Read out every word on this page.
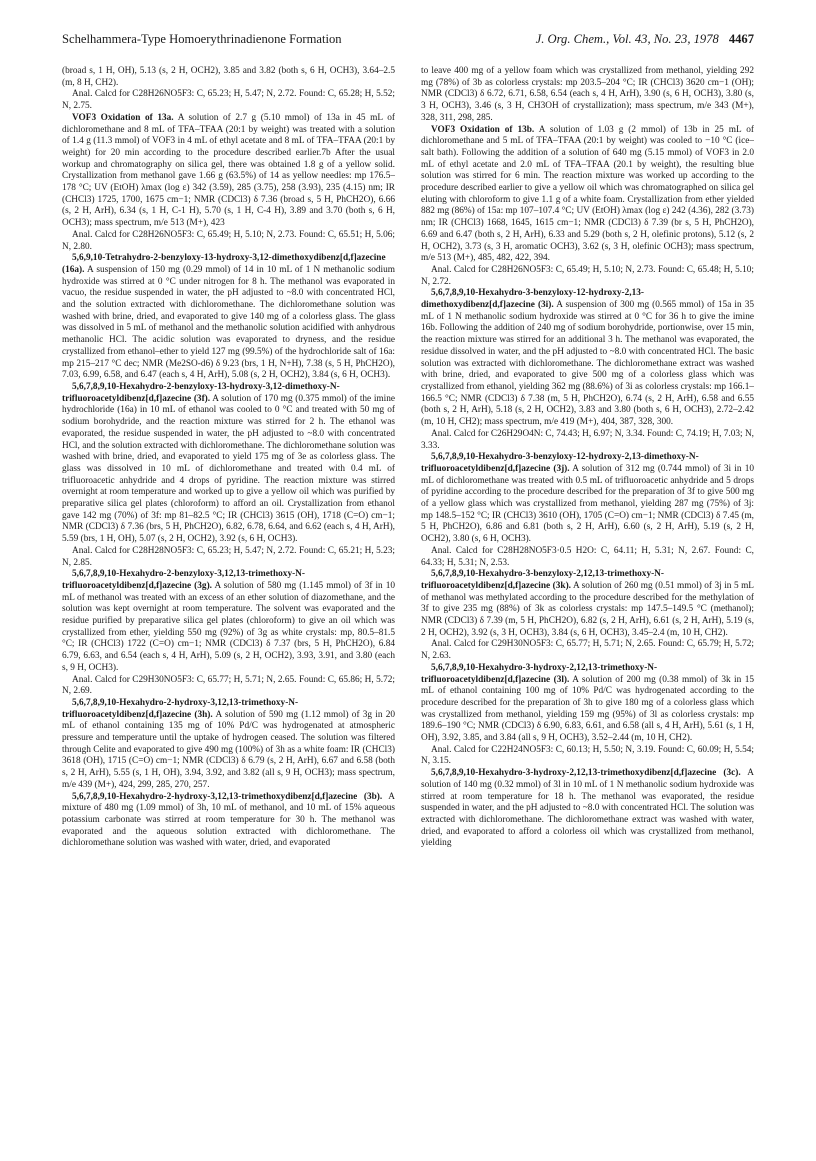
Schelhammera-Type Homoerythrinadienone Formation	J. Org. Chem., Vol. 43, No. 23, 1978 4467

(broad s, 1 H, OH), 5.13 (s, 2 H, OCH2), 3.85 and 3.82 (both s, 6 H, OCH3), 3.64–2.5 (m, 8 H, CH2).

Anal. Calcd for C28H26NO5F3: C, 65.23; H, 5.47; N, 2.72. Found: C, 65.28; H, 5.52; N, 2.75.

VOF3 Oxidation of 13a. A solution of 2.7 g (5.10 mmol) of 13a in 45 mL of dichloromethane and 8 mL of TFA–TFAA (20:1 by weight) was treated with a solution of 1.4 g (11.3 mmol) of VOF3 in 4 mL of ethyl acetate and 8 mL of TFA–TFAA (20:1 by weight) for 20 min according to the procedure described earlier.7b After the usual workup and chromatography on silica gel, there was obtained 1.8 g of a yellow solid. Crystallization from methanol gave 1.66 g (63.5%) of 14 as yellow needles: mp 176.5–178 °C; UV (EtOH) λmax (log ε) 342 (3.59), 285 (3.75), 258 (3.93), 235 (4.15) nm; IR (CHCl3) 1725, 1700, 1675 cm−1; NMR (CDCl3) δ 7.36 (broad s, 5 H, PhCH2O), 6.66 (s, 2 H, ArH), 6.34 (s, 1 H, C-1 H), 5.70 (s, 1 H, C-4 H), 3.89 and 3.70 (both s, 6 H, OCH3); mass spectrum, m/e 513 (M+), 423

Anal. Calcd for C28H26NO5F3: C, 65.49; H, 5.10; N, 2.73. Found: C, 65.51; H, 5.06; N, 2.80.

5,6,9,10-Tetrahydro-2-benzyloxy-13-hydroxy-3,12-dimethoxydibenz[d,f]azecine (16a). A suspension of 150 mg (0.29 mmol) of 14 in 10 mL of 1 N methanolic sodium hydroxide was stirred at 0 °C under nitrogen for 8 h. The methanol was evaporated in vacuo, the residue suspended in water, the pH adjusted to ~8.0 with concentrated HCl, and the solution extracted with dichloromethane. The dichloromethane solution was washed with brine, dried, and evaporated to give 140 mg of a colorless glass. The glass was dissolved in 5 mL of methanol and the methanolic solution acidified with anhydrous methanolic HCl. The acidic solution was evaporated to dryness, and the residue crystallized from ethanol–ether to yield 127 mg (99.5%) of the hydrochloride salt of 16a: mp 215–217 °C dec; NMR (Me2SO-d6) δ 9.23 (brs, 1 H, N+H), 7.38 (s, 5 H, PhCH2O), 7.03, 6.99, 6.58, and 6.47 (each s, 4 H, ArH), 5.08 (s, 2 H, OCH2), 3.84 (s, 6 H, OCH3).

5,6,7,8,9,10-Hexahydro-2-benzyloxy-13-hydroxy-3,12-dimethoxy-N-trifluoroacetyldibenz[d,f]azecine (3f). A solution of 170 mg (0.375 mmol) of the imine hydrochloride (16a) in 10 mL of ethanol was cooled to 0 °C and treated with 50 mg of sodium borohydride, and the reaction mixture was stirred for 2 h. The ethanol was evaporated, the residue suspended in water, the pH adjusted to ~8.0 with concentrated HCl, and the solution extracted with dichloromethane. The dichloromethane solution was washed with brine, dried, and evaporated to yield 175 mg of 3e as colorless glass. The glass was dissolved in 10 mL of dichloromethane and treated with 0.4 mL of trifluoroacetic anhydride and 4 drops of pyridine. The reaction mixture was stirred overnight at room temperature and worked up to give a yellow oil which was purified by preparative silica gel plates (chloroform) to afford an oil. Crystallization from ethanol gave 142 mg (70%) of 3f: mp 81–82.5 °C; IR (CHCl3) 3615 (OH), 1718 (C=O) cm−1; NMR (CDCl3) δ 7.36 (brs, 5 H, PhCH2O), 6.82, 6.78, 6.64, and 6.62 (each s, 4 H, ArH), 5.59 (brs, 1 H, OH), 5.07 (s, 2 H, OCH2), 3.92 (s, 6 H, OCH3).

Anal. Calcd for C28H28NO5F3: C, 65.23; H, 5.47; N, 2.72. Found: C, 65.21; H, 5.23; N, 2.85.

5,6,7,8,9,10-Hexahydro-2-benzyloxy-3,12,13-trimethoxy-N-trifluoroacetyldibenz[d,f]azecine (3g). A solution of 580 mg (1.145 mmol) of 3f in 10 mL of methanol was treated with an excess of an ether solution of diazomethane, and the solution was kept overnight at room temperature. The solvent was evaporated and the residue purified by preparative silica gel plates (chloroform) to give an oil which was crystallized from ether, yielding 550 mg (92%) of 3g as white crystals: mp, 80.5–81.5 °C; IR (CHCl3) 1722 (C=O) cm−1; NMR (CDCl3) δ 7.37 (brs, 5 H, PhCH2O), 6.84 6.79, 6.63, and 6.54 (each s, 4 H, ArH), 5.09 (s, 2 H, OCH2), 3.93, 3.91, and 3.80 (each s, 9 H, OCH3).

Anal. Calcd for C29H30NO5F3: C, 65.77; H, 5.71; N, 2.65. Found: C, 65.86; H, 5.72; N, 2.69.

5,6,7,8,9,10-Hexahydro-2-hydroxy-3,12,13-trimethoxy-N-trifluoroacetyldibenz[d,f]azecine (3h). A solution of 590 mg (1.12 mmol) of 3g in 20 mL of ethanol containing 135 mg of 10% Pd/C was hydrogenated at atmospheric pressure and temperature until the uptake of hydrogen ceased. The solution was filtered through Celite and evaporated to give 490 mg (100%) of 3h as a white foam: IR (CHCl3) 3618 (OH), 1715 (C=O) cm−1; NMR (CDCl3) δ 6.79 (s, 2 H, ArH), 6.67 and 6.58 (both s, 2 H, ArH), 5.55 (s, 1 H, OH), 3.94, 3.92, and 3.82 (all s, 9 H, OCH3); mass spectrum, m/e 439 (M+), 424, 299, 285, 270, 257.

5,6,7,8,9,10-Hexahydro-2-hydroxy-3,12,13-trimethoxydibenz[d,f]azecine (3b). A mixture of 480 mg (1.09 mmol) of 3h, 10 mL of methanol, and 10 mL of 15% aqueous potassium carbonate was stirred at room temperature for 30 h. The methanol was evaporated and the aqueous solution extracted with dichloromethane. The dichloromethane solution was washed with water, dried, and evaporated

to leave 400 mg of a yellow foam which was crystallized from methanol, yielding 292 mg (78%) of 3b as colorless crystals: mp 203.5–204 °C; IR (CHCl3) 3620 cm−1 (OH); NMR (CDCl3) δ 6.72, 6.71, 6.58, 6.54 (each s, 4 H, ArH), 3.90 (s, 6 H, OCH3), 3.80 (s, 3 H, OCH3), 3.46 (s, 3 H, CH3OH of crystallization); mass spectrum, m/e 343 (M+), 328, 311, 298, 285.

VOF3 Oxidation of 13b. A solution of 1.03 g (2 mmol) of 13b in 25 mL of dichloromethane and 5 mL of TFA–TFAA (20:1 by weight) was cooled to −10 °C (ice–salt bath). Following the addition of a solution of 640 mg (5.15 mmol) of VOF3 in 2.0 mL of ethyl acetate and 2.0 mL of TFA–TFAA (20.1 by weight), the resulting blue solution was stirred for 6 min. The reaction mixture was worked up according to the procedure described earlier to give a yellow oil which was chromatographed on silica gel eluting with chloroform to give 1.1 g of a white foam. Crystallization from ether yielded 882 mg (86%) of 15a: mp 107–107.4 °C; UV (EtOH) λmax (log ε) 242 (4.36), 282 (3.73) nm; IR (CHCl3) 1668, 1645, 1615 cm−1; NMR (CDCl3) δ 7.39 (br s, 5 H, PhCH2O), 6.69 and 6.47 (both s, 2 H, ArH), 6.33 and 5.29 (both s, 2 H, olefinic protons), 5.12 (s, 2 H, OCH2), 3.73 (s, 3 H, aromatic OCH3), 3.62 (s, 3 H, olefinic OCH3); mass spectrum, m/e 513 (M+), 485, 482, 422, 394.

Anal. Calcd for C28H26NO5F3: C, 65.49; H, 5.10; N, 2.73. Found: C, 65.48; H, 5.10; N, 2.72.

5,6,7,8,9,10-Hexahydro-3-benzyloxy-12-hydroxy-2,13-dimethoxydibenz[d,f]azecine (3i). A suspension of 300 mg (0.565 mmol) of 15a in 35 mL of 1 N methanolic sodium hydroxide was stirred at 0 °C for 36 h to give the imine 16b. Following the addition of 240 mg of sodium borohydride, portionwise, over 15 min, the reaction mixture was stirred for an additional 3 h. The methanol was evaporated, the residue dissolved in water, and the pH adjusted to ~8.0 with concentrated HCl. The basic solution was extracted with dichloromethane. The dichloromethane extract was washed with brine, dried, and evaporated to give 500 mg of a colorless glass which was crystallized from ethanol, yielding 362 mg (88.6%) of 3i as colorless crystals: mp 166.1–166.5 °C; NMR (CDCl3) δ 7.38 (m, 5 H, PhCH2O), 6.74 (s, 2 H, ArH), 6.58 and 6.55 (both s, 2 H, ArH), 5.18 (s, 2 H, OCH2), 3.83 and 3.80 (both s, 6 H, OCH3), 2.72–2.42 (m, 10 H, CH2); mass spectrum, m/e 419 (M+), 404, 387, 328, 300.

Anal. Calcd for C26H29O4N: C, 74.43; H, 6.97; N, 3.34. Found: C, 74.19; H, 7.03; N, 3.33.

5,6,7,8,9,10-Hexahydro-3-benzyloxy-12-hydroxy-2,13-dimethoxy-N-trifluoroacetyldibenz[d,f]azecine (3j). A solution of 312 mg (0.744 mmol) of 3i in 10 mL of dichloromethane was treated with 0.5 mL of trifluoroacetic anhydride and 5 drops of pyridine according to the procedure described for the preparation of 3f to give 500 mg of a yellow glass which was crystallized from methanol, yielding 287 mg (75%) of 3j: mp 148.5–152 °C; IR (CHCl3) 3610 (OH), 1705 (C=O) cm−1; NMR (CDCl3) δ 7.45 (m, 5 H, PhCH2O), 6.86 and 6.81 (both s, 2 H, ArH), 6.60 (s, 2 H, ArH), 5.19 (s, 2 H, OCH2), 3.80 (s, 6 H, OCH3).

Anal. Calcd for C28H28NO5F3·0.5 H2O: C, 64.11; H, 5.31; N, 2.67. Found: C, 64.33; H, 5.31; N, 2.53.

5,6,7,8,9,10-Hexahydro-3-benzyloxy-2,12,13-trimethoxy-N-trifluoroacetyldibenz[d,f]azecine (3k). A solution of 260 mg (0.51 mmol) of 3j in 5 mL of methanol was methylated according to the procedure described for the methylation of 3f to give 235 mg (88%) of 3k as colorless crystals: mp 147.5–149.5 °C (methanol); NMR (CDCl3) δ 7.39 (m, 5 H, PhCH2O), 6.82 (s, 2 H, ArH), 6.61 (s, 2 H, ArH), 5.19 (s, 2 H, OCH2), 3.92 (s, 3 H, OCH3), 3.84 (s, 6 H, OCH3), 3.45–2.4 (m, 10 H, CH2).

Anal. Calcd for C29H30NO5F3: C, 65.77; H, 5.71; N, 2.65. Found: C, 65.79; H, 5.72; N, 2.63.

5,6,7,8,9,10-Hexahydro-3-hydroxy-2,12,13-trimethoxy-N-trifluoroacetyldibenz[d,f]azecine (3l). A solution of 200 mg (0.38 mmol) of 3k in 15 mL of ethanol containing 100 mg of 10% Pd/C was hydrogenated according to the procedure described for the preparation of 3h to give 180 mg of a colorless glass which was crystallized from methanol, yielding 159 mg (95%) of 3l as colorless crystals: mp 189.6–190 °C; NMR (CDCl3) δ 6.90, 6.83, 6.61, and 6.58 (all s, 4 H, ArH), 5.61 (s, 1 H, OH), 3.92, 3.85, and 3.84 (all s, 9 H, OCH3), 3.52–2.44 (m, 10 H, CH2).

Anal. Calcd for C22H24NO5F3: C, 60.13; H, 5.50; N, 3.19. Found: C, 60.09; H, 5.54; N, 3.15.

5,6,7,8,9,10-Hexahydro-3-hydroxy-2,12,13-trimethoxydibenz[d,f]azecine (3c). A solution of 140 mg (0.32 mmol) of 3l in 10 mL of 1 N methanolic sodium hydroxide was stirred at room temperature for 18 h. The methanol was evaporated, the residue suspended in water, and the pH adjusted to ~8.0 with concentrated HCl. The solution was extracted with dichloromethane. The dichloromethane extract was washed with water, dried, and evaporated to afford a colorless oil which was crystallized from methanol, yielding
